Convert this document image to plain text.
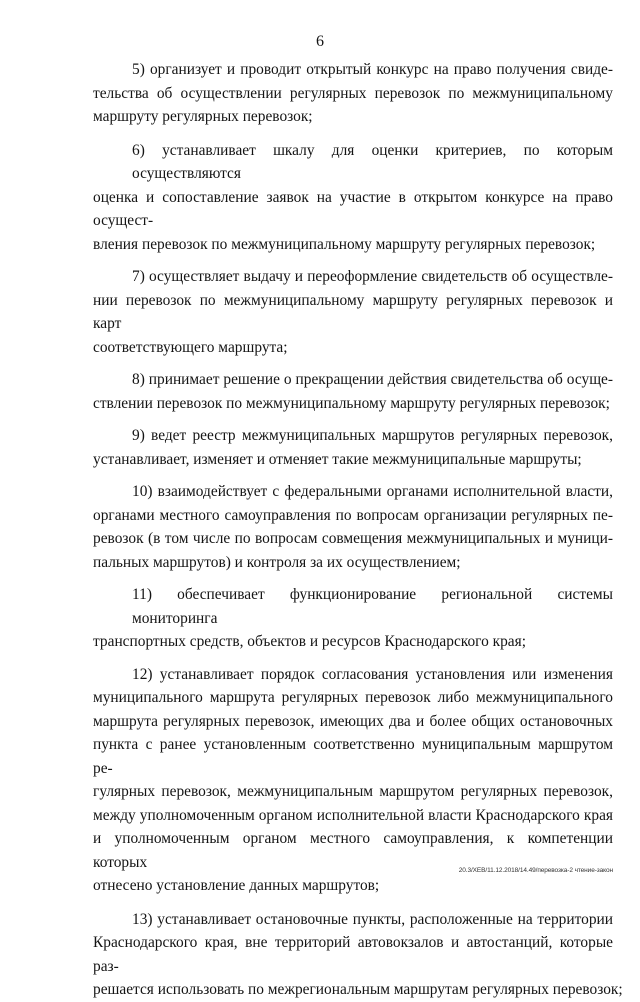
6

5) организует и проводит открытый конкурс на право получения свиде-
тельства об осуществлении регулярных перевозок по межмуниципальному
маршруту регулярных перевозок;

6) устанавливает шкалу для оценки критериев, по которым осуществляются
оценка и сопоставление заявок на участие в открытом конкурсе на право осущест-
вления перевозок по межмуниципальному маршруту регулярных перевозок;

7) осуществляет выдачу и переоформление свидетельств об осуществле-
нии перевозок по межмуниципальному маршруту регулярных перевозок и карт
соответствующего маршрута;

8) принимает решение о прекращении действия свидетельства об осуще-
ствлении перевозок по межмуниципальному маршруту регулярных перевозок;

9) ведет реестр межмуниципальных маршрутов регулярных перевозок,
устанавливает, изменяет и отменяет такие межмуниципальные маршруты;

10) взаимодействует с федеральными органами исполнительной власти,
органами местного самоуправления по вопросам организации регулярных пе-
ревозок (в том числе по вопросам совмещения межмуниципальных и муници-
пальных маршрутов) и контроля за их осуществлением;

11) обеспечивает функционирование региональной системы мониторинга
транспортных средств, объектов и ресурсов Краснодарского края;

12) устанавливает порядок согласования установления или изменения
муниципального маршрута регулярных перевозок либо межмуниципального
маршрута регулярных перевозок, имеющих два и более общих остановочных
пункта с ранее установленным соответственно муниципальным маршрутом ре-
гулярных перевозок, межмуниципальным маршрутом регулярных перевозок,
между уполномоченным органом исполнительной власти Краснодарского края
и уполномоченным органом местного самоуправления, к компетенции которых
отнесено установление данных маршрутов;

13) устанавливает остановочные пункты, расположенные на территории
Краснодарского края, вне территорий автовокзалов и автостанций, которые раз-
решается использовать по межрегиональным маршрутам регулярных перевозок;

20.3/ХЕВ/11.12.2018/14.49/перевозка-2 чтение-закон
